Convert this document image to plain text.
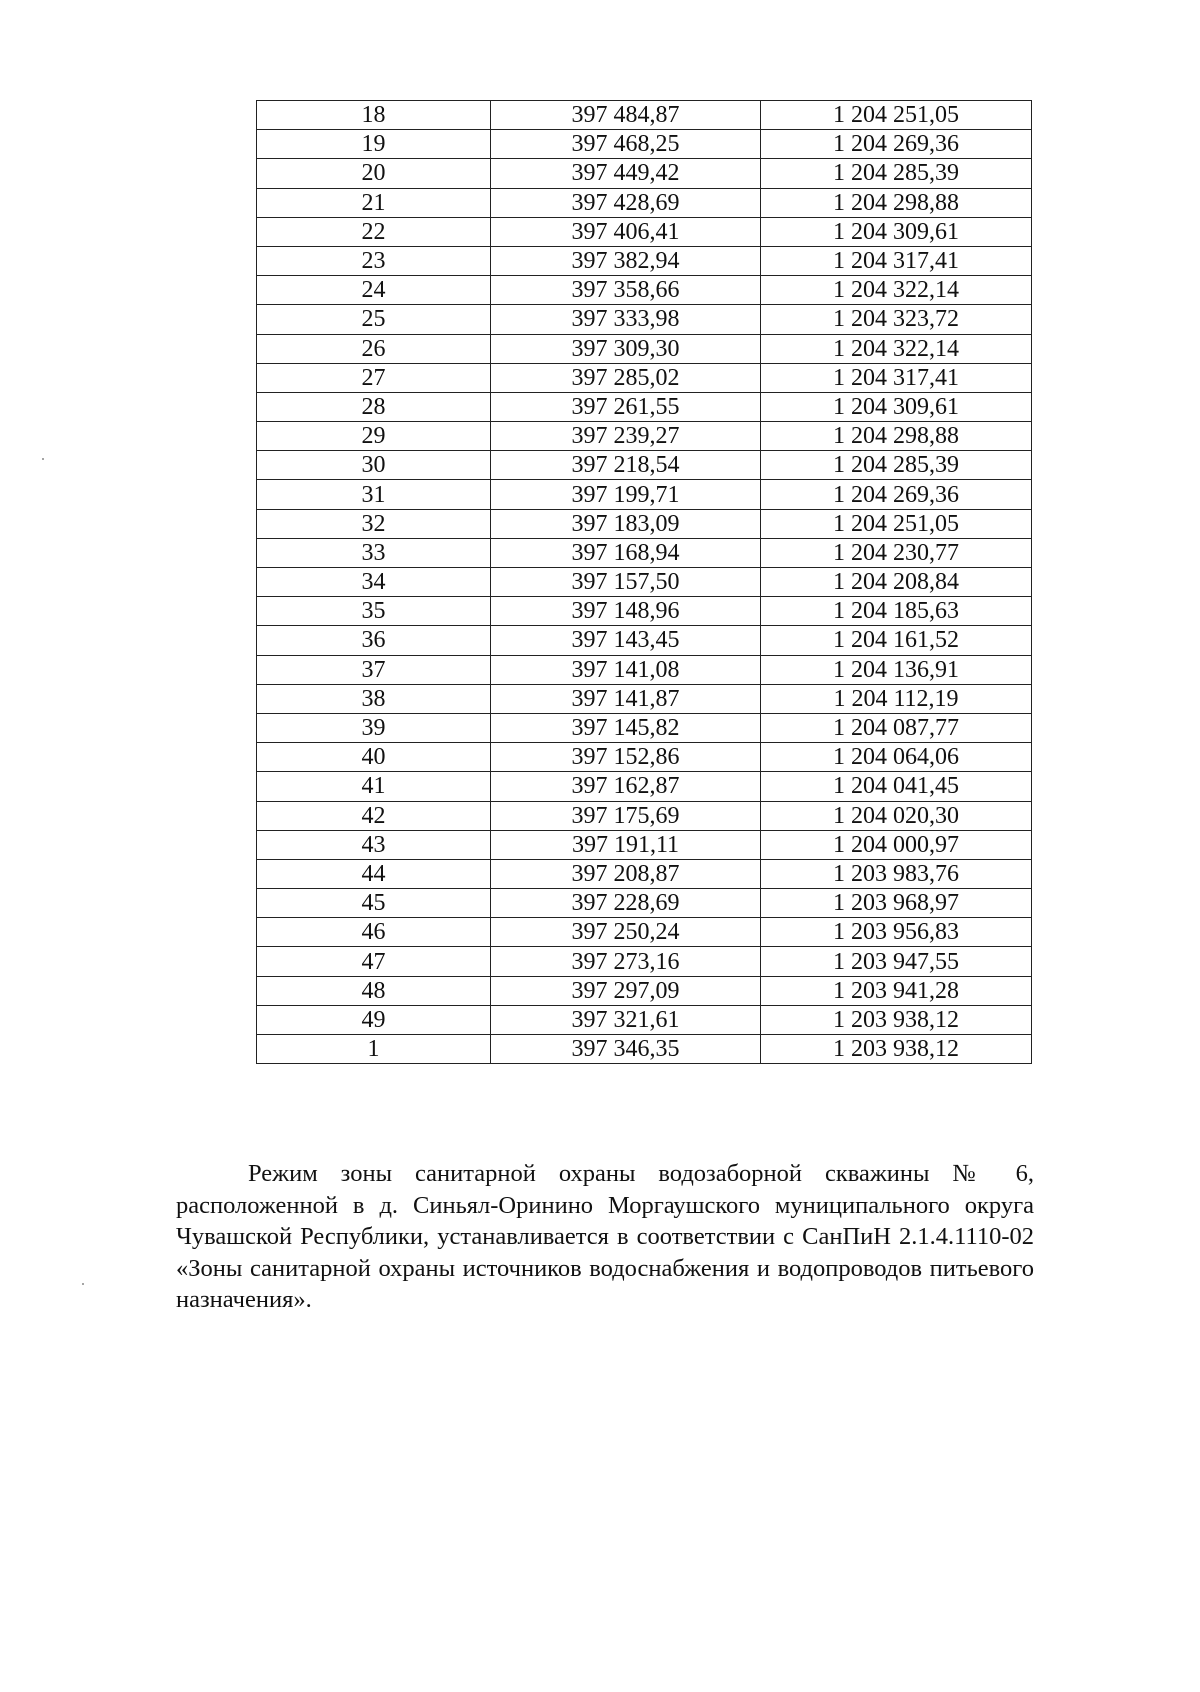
18	397 484,87	1 204 251,05
19	397 468,25	1 204 269,36
20	397 449,42	1 204 285,39
21	397 428,69	1 204 298,88
22	397 406,41	1 204 309,61
23	397 382,94	1 204 317,41
24	397 358,66	1 204 322,14
25	397 333,98	1 204 323,72
26	397 309,30	1 204 322,14
27	397 285,02	1 204 317,41
28	397 261,55	1 204 309,61
29	397 239,27	1 204 298,88
30	397 218,54	1 204 285,39
31	397 199,71	1 204 269,36
32	397 183,09	1 204 251,05
33	397 168,94	1 204 230,77
34	397 157,50	1 204 208,84
35	397 148,96	1 204 185,63
36	397 143,45	1 204 161,52
37	397 141,08	1 204 136,91
38	397 141,87	1 204 112,19
39	397 145,82	1 204 087,77
40	397 152,86	1 204 064,06
41	397 162,87	1 204 041,45
42	397 175,69	1 204 020,30
43	397 191,11	1 204 000,97
44	397 208,87	1 203 983,76
45	397 228,69	1 203 968,97
46	397 250,24	1 203 956,83
47	397 273,16	1 203 947,55
48	397 297,09	1 203 941,28
49	397 321,61	1 203 938,12
1	397 346,35	1 203 938,12

Режим зоны санитарной охраны водозаборной скважины № 6, расположенной в д. Синьял-Оринино Моргаушского муниципального округа Чувашской Республики, устанавливается в соответствии с СанПиН 2.1.4.1110-02 «Зоны санитарной охраны источников водоснабжения и водопроводов питьевого назначения».
